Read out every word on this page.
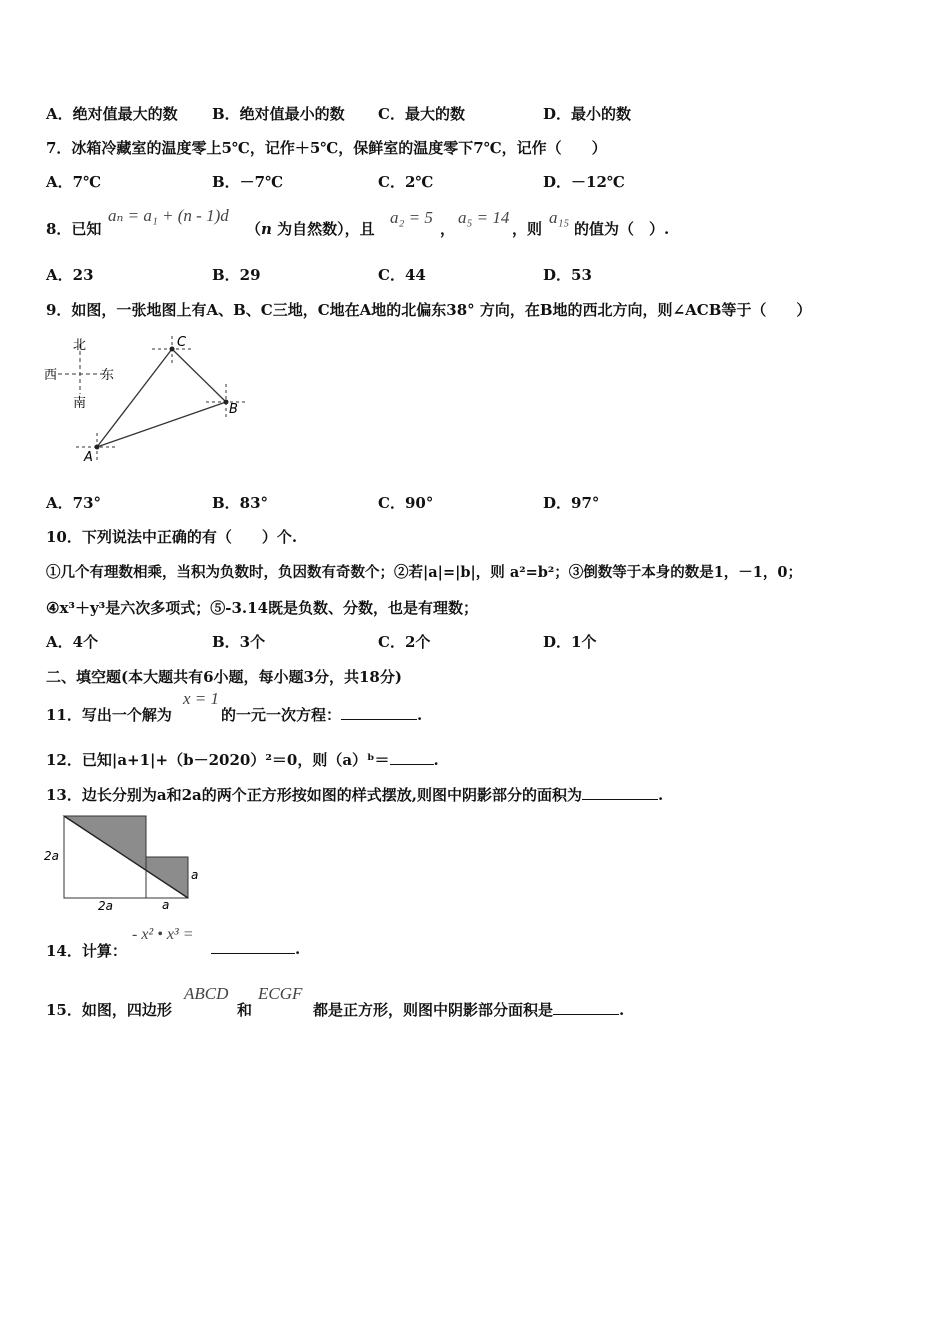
A．绝对值最大的数 B．绝对值最小的数 C．最大的数	D．最小的数
7．冰箱冷藏室的温度零上5℃，记作＋5℃，保鲜室的温度零下7℃，记作（　　）
A．7℃	B．－7℃	C．2℃	D．－12℃
8．已知
aₙ = a₁ + (n - 1)d
（n 为自然数），且
a₂ = 5
，
a₅ = 14
，则
a₁₅
的值为（　）.
A．23	B．29	C．44	D．53
9．如图，一张地图上有A、B、C三地，C地在A地的北偏东38° 方向，在B地的西北方向，则∠ACB等于（　　）
北
西	东
南
A
C
B
A．73°	B．83°	C．90°	D．97°
10．下列说法中正确的有（　　）个.
①几个有理数相乘，当积为负数时，负因数有奇数个；②若|a|=|b|，则 a²=b²；③倒数等于本身的数是1，－1，0；
④x³＋y³是六次多项式；⑤-3.14既是负数、分数，也是有理数；
A．4个	B．3个	C．2个	D．1个
二、填空题(本大题共有6小题，每小题3分，共18分)
11．写出一个解为
x = 1
的一元一次方程：	.
12．已知|a+1|+（b－2020）²＝0，则（a）ᵇ＝	.
13．边长分别为a和2a的两个正方形按如图的样式摆放,则图中阴影部分的面积为	.
2a
2a	a
a
14．计算：
- x² • x³ =
.
15．如图，四边形
ABCD
和
ECGF
都是正方形，则图中阴影部分面积是	.
